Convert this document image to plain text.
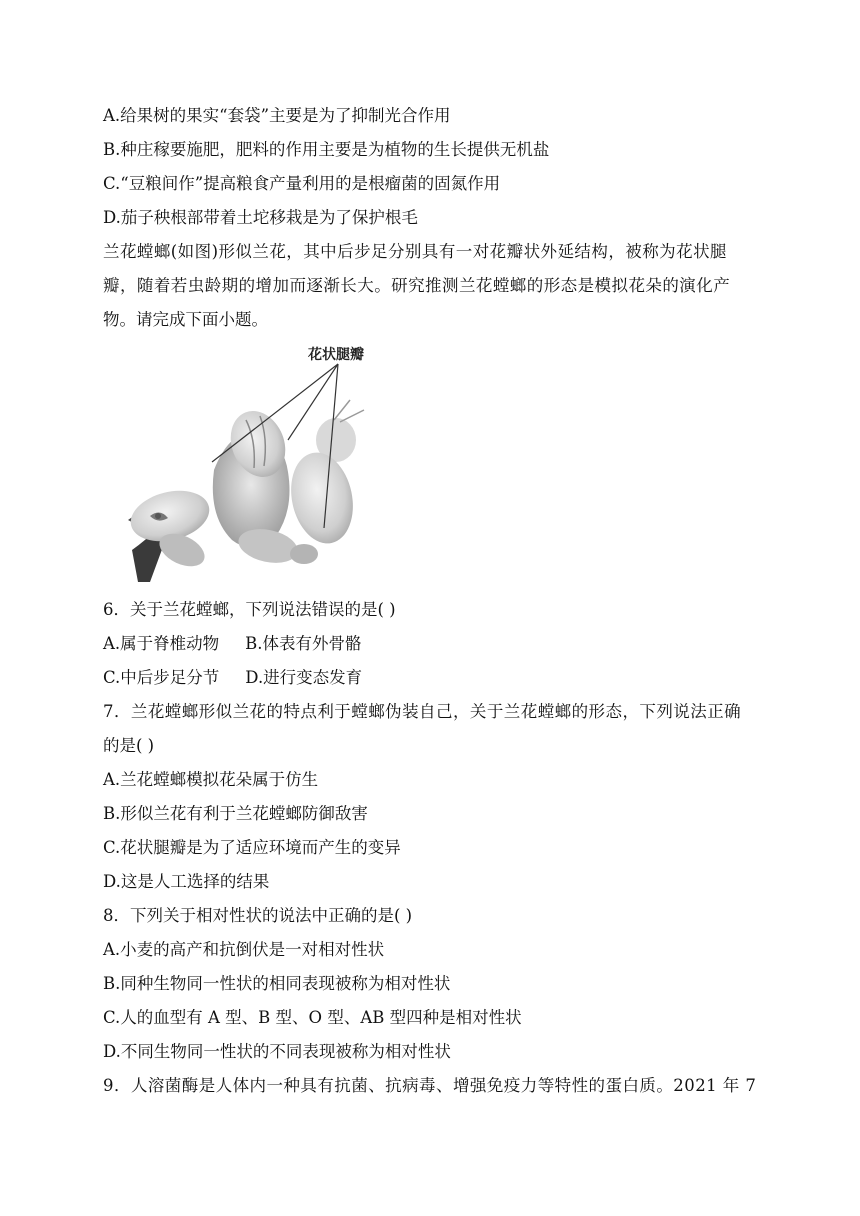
A.给果树的果实“套袋”主要是为了抑制光合作用
B.种庄稼要施肥，肥料的作用主要是为植物的生长提供无机盐
C.“豆粮间作”提高粮食产量利用的是根瘤菌的固氮作用
D.茄子秧根部带着土坨移栽是为了保护根毛
兰花螳螂(如图)形似兰花，其中后步足分别具有一对花瓣状外延结构，被称为花状腿
瓣，随着若虫龄期的增加而逐渐长大。研究推测兰花螳螂的形态是模拟花朵的演化产
物。请完成下面小题。
花状腿瓣
6．关于兰花螳螂，下列说法错误的是( )
A.属于脊椎动物 B.体表有外骨骼
C.中后步足分节 D.进行变态发育
7．兰花螳螂形似兰花的特点利于螳螂伪装自己，关于兰花螳螂的形态，下列说法正确
的是( )
A.兰花螳螂模拟花朵属于仿生
B.形似兰花有利于兰花螳螂防御敌害
C.花状腿瓣是为了适应环境而产生的变异
D.这是人工选择的结果
8．下列关于相对性状的说法中正确的是( )
A.小麦的高产和抗倒伏是一对相对性状
B.同种生物同一性状的相同表现被称为相对性状
C.人的血型有 A 型、B 型、O 型、AB 型四种是相对性状
D.不同生物同一性状的不同表现被称为相对性状
9．人溶菌酶是人体内一种具有抗菌、抗病毒、增强免疫力等特性的蛋白质。2021 年 7
